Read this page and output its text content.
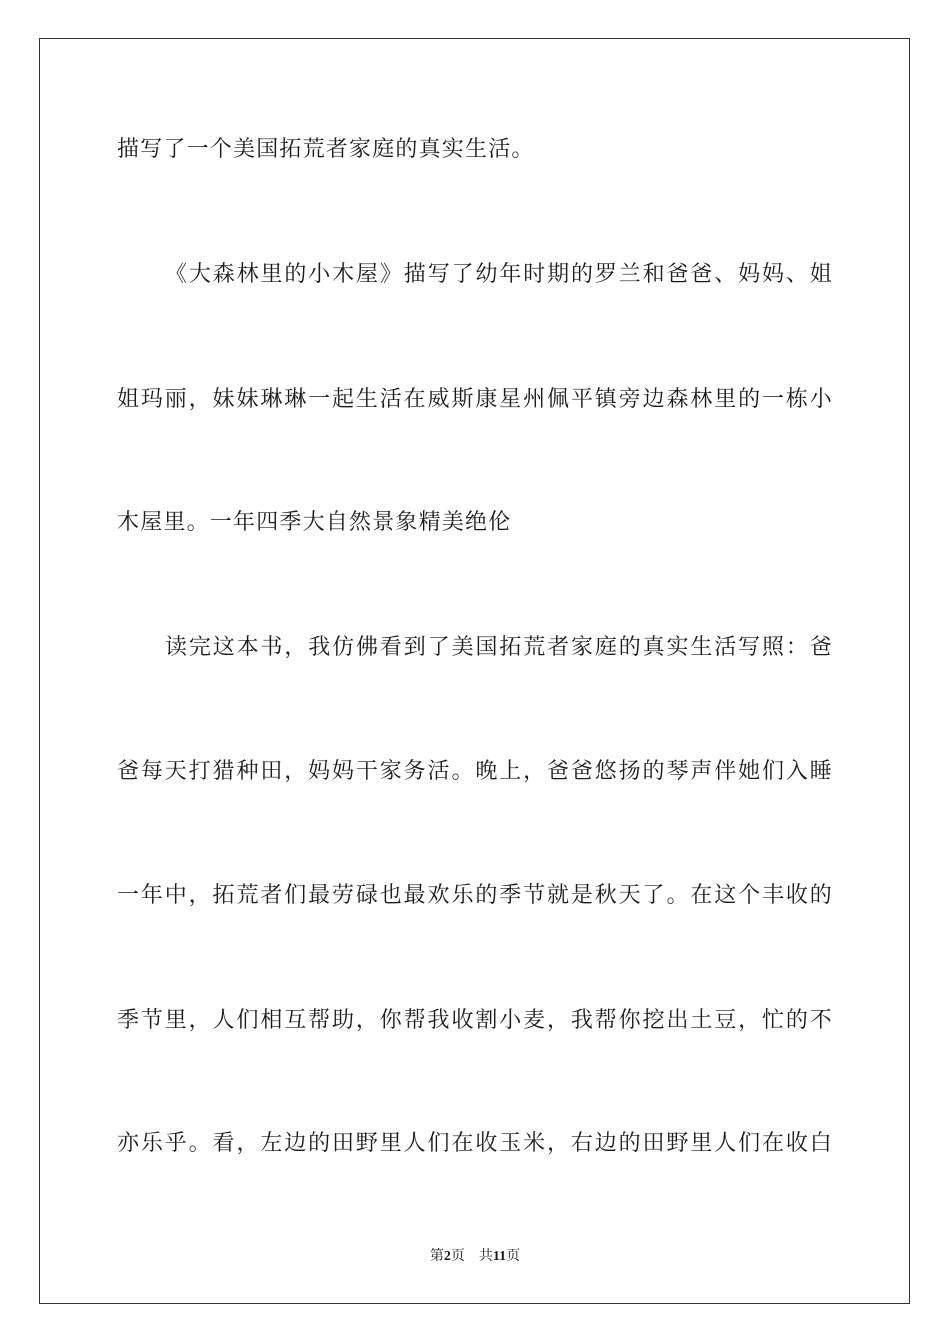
描写了一个美国拓荒者家庭的真实生活。
《大森林里的小木屋》描写了幼年时期的罗兰和爸爸、妈妈、姐
姐玛丽，妹妹琳琳一起生活在威斯康星州佩平镇旁边森林里的一栋小
木屋里。一年四季大自然景象精美绝伦
读完这本书，我仿佛看到了美国拓荒者家庭的真实生活写照：爸
爸每天打猎种田，妈妈干家务活。晚上，爸爸悠扬的琴声伴她们入睡
一年中，拓荒者们最劳碌也最欢乐的季节就是秋天了。在这个丰收的
季节里，人们相互帮助，你帮我收割小麦，我帮你挖出土豆，忙的不
亦乐乎。看，左边的田野里人们在收玉米，右边的田野里人们在收白
第2页 共11页
